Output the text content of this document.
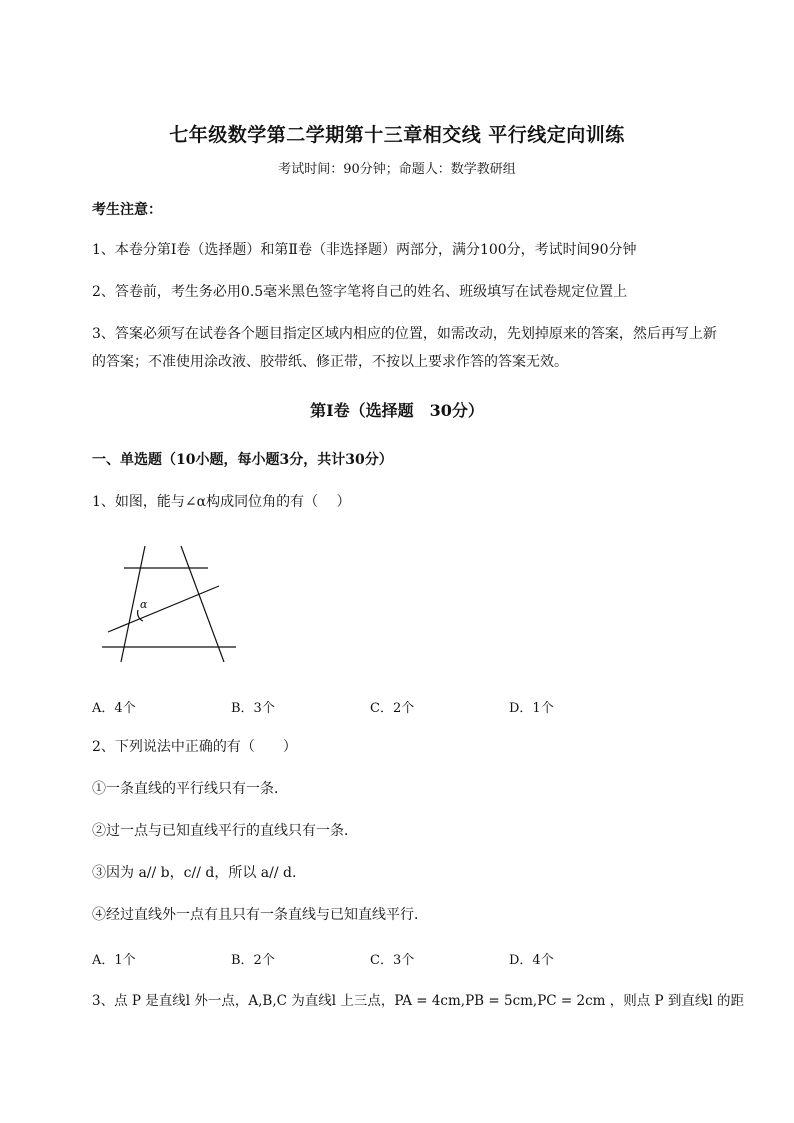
七年级数学第二学期第十三章相交线 平行线定向训练
考试时间：90分钟；命题人：数学教研组
考生注意：
1、本卷分第I卷（选择题）和第Ⅱ卷（非选择题）两部分，满分100分，考试时间90分钟
2、答卷前，考生务必用0.5毫米黑色签字笔将自己的姓名、班级填写在试卷规定位置上
3、答案必须写在试卷各个题目指定区域内相应的位置，如需改动，先划掉原来的答案，然后再写上新
的答案；不准使用涂改液、胶带纸、修正带，不按以上要求作答的答案无效。
第I卷（选择题　30分）
一、单选题（10小题，每小题3分，共计30分）
1、如图，能与∠α构成同位角的有（　 ）
α
A．4个	B．3个	C．2个	D．1个
2、下列说法中正确的有（　　）
①一条直线的平行线只有一条．
②过一点与已知直线平行的直线只有一条．
③因为 a// b，c// d，所以 a// d.
④经过直线外一点有且只有一条直线与已知直线平行．
A．1个	B．2个	C．3个	D．4个
3、点 P 是直线l 外一点，A,B,C 为直线l 上三点，PA = 4cm,PB = 5cm,PC = 2cm ，则点 P 到直线l 的距
